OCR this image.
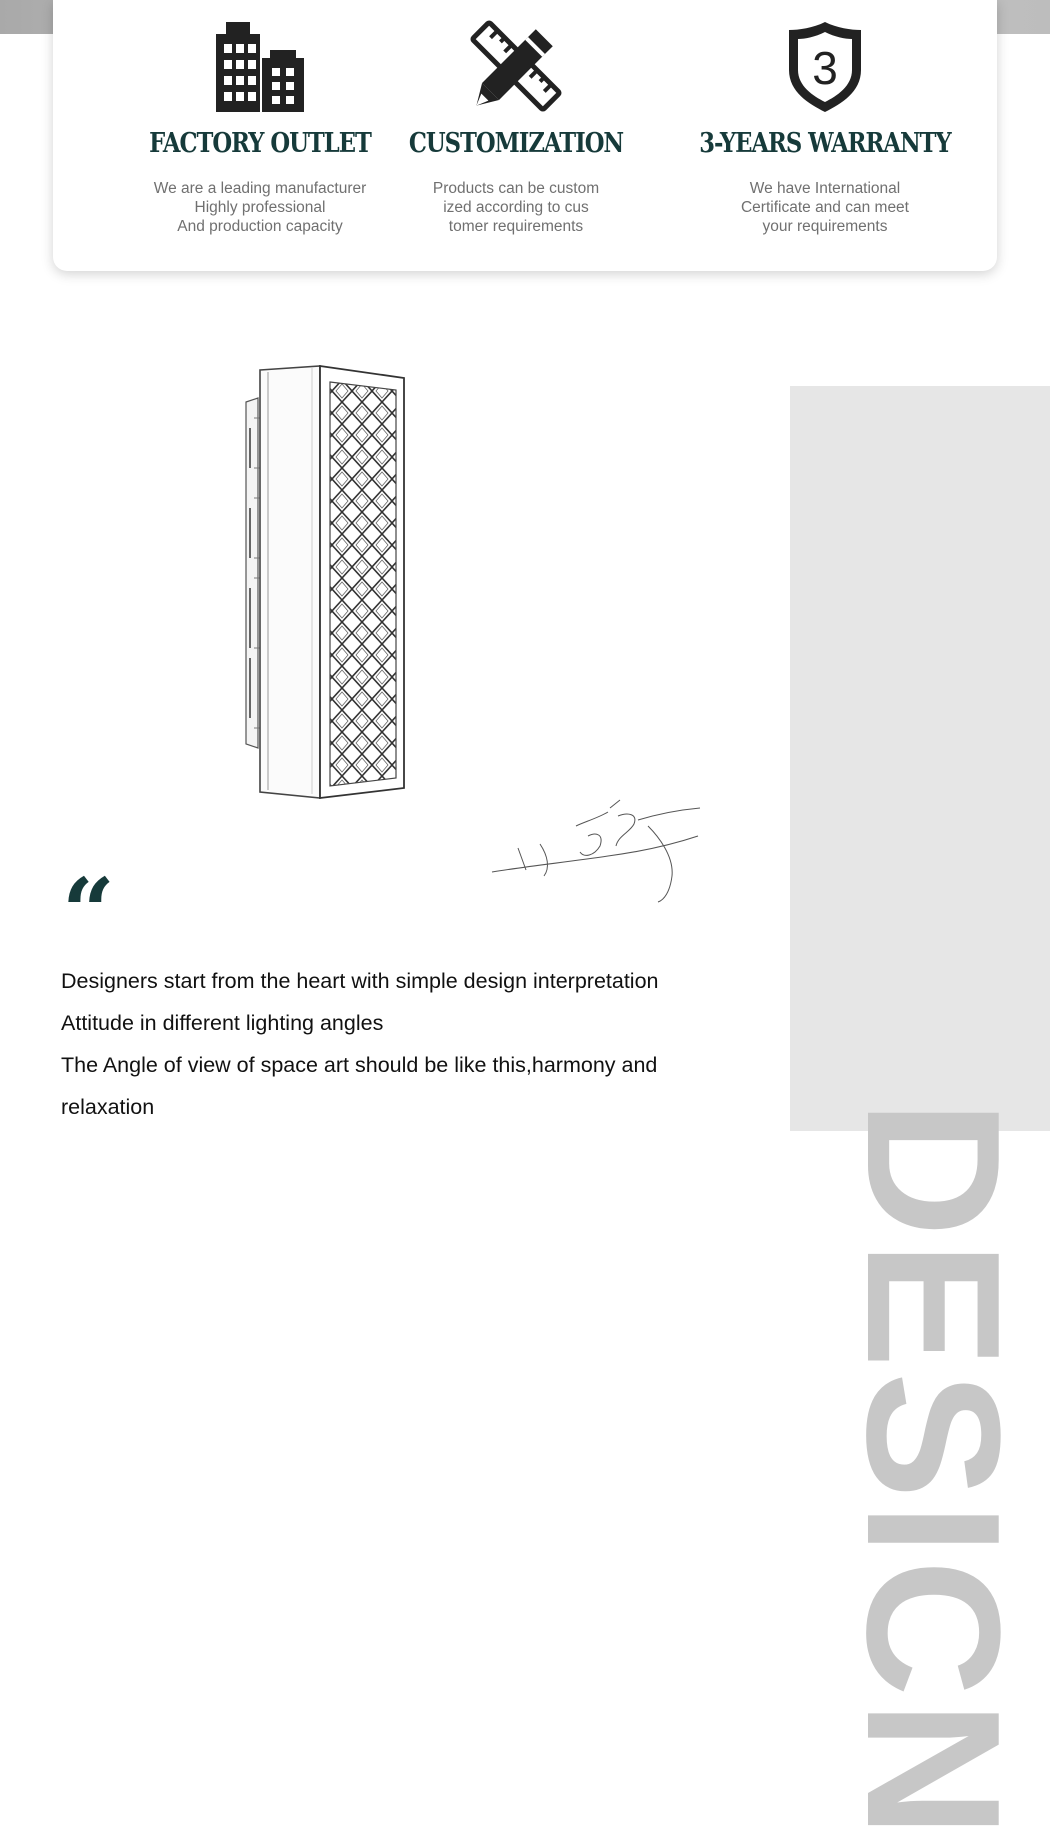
FACTORY OUTLET
We are a leading manufacturer
Highly professional
And production capacity
CUSTOMIZATION
Products can be custom
ized according to cus
tomer requirements
3
3-YEARS WARRANTY
We have International
Certificate and can meet
your requirements
“
Designers start from the heart with simple design interpretation
Attitude in different lighting angles
The Angle of view of space art should be like this,harmony and
relaxation	DESICN
